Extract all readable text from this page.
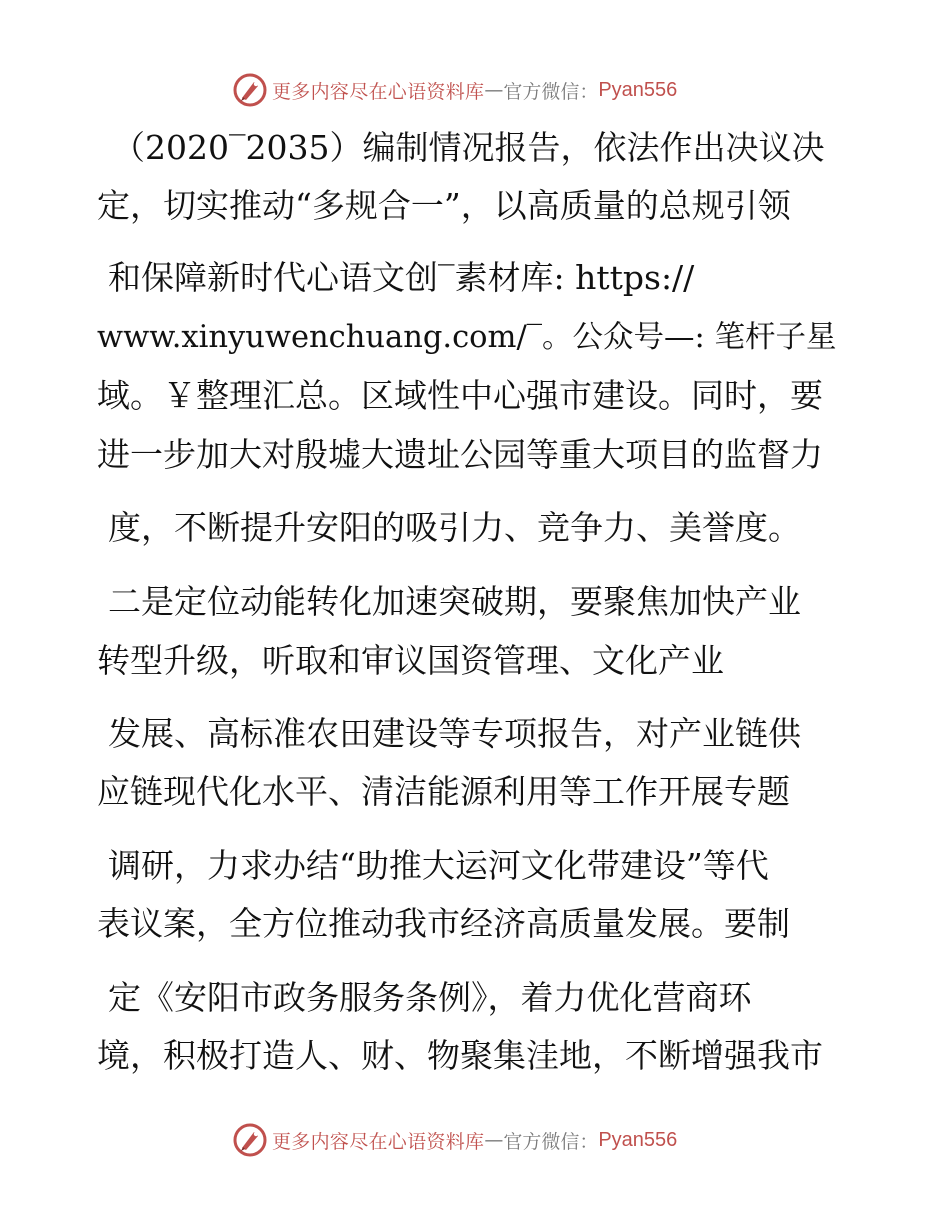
更多内容尽在心语资料库 — 官方微信： Pyan556
（2020‾2035）编制情况报告，依法作出决议决
定，切实推动“多规合一”，以高质量的总规引领
和保障新时代心语文创‾素材库: https://
www.xinyuwenchuang.com/‾。公众号—: 笔杆子星
域。￥整理汇总。区域性中心强市建设。同时，要
进一步加大对殷墟大遗址公园等重大项目的监督力
度，不断提升安阳的吸引力、竞争力、美誉度。
二是定位动能转化加速突破期，要聚焦加快产业
转型升级，听取和审议国资管理、文化产业
发展、高标准农田建设等专项报告，对产业链供
应链现代化水平、清洁能源利用等工作开展专题
调研，力求办结“助推大运河文化带建设”等代
表议案，全方位推动我市经济高质量发展。要制
定《安阳市政务服务条例》，着力优化营商环
境，积极打造人、财、物聚集洼地，不断增强我市
更多内容尽在心语资料库 — 官方微信： Pyan556
